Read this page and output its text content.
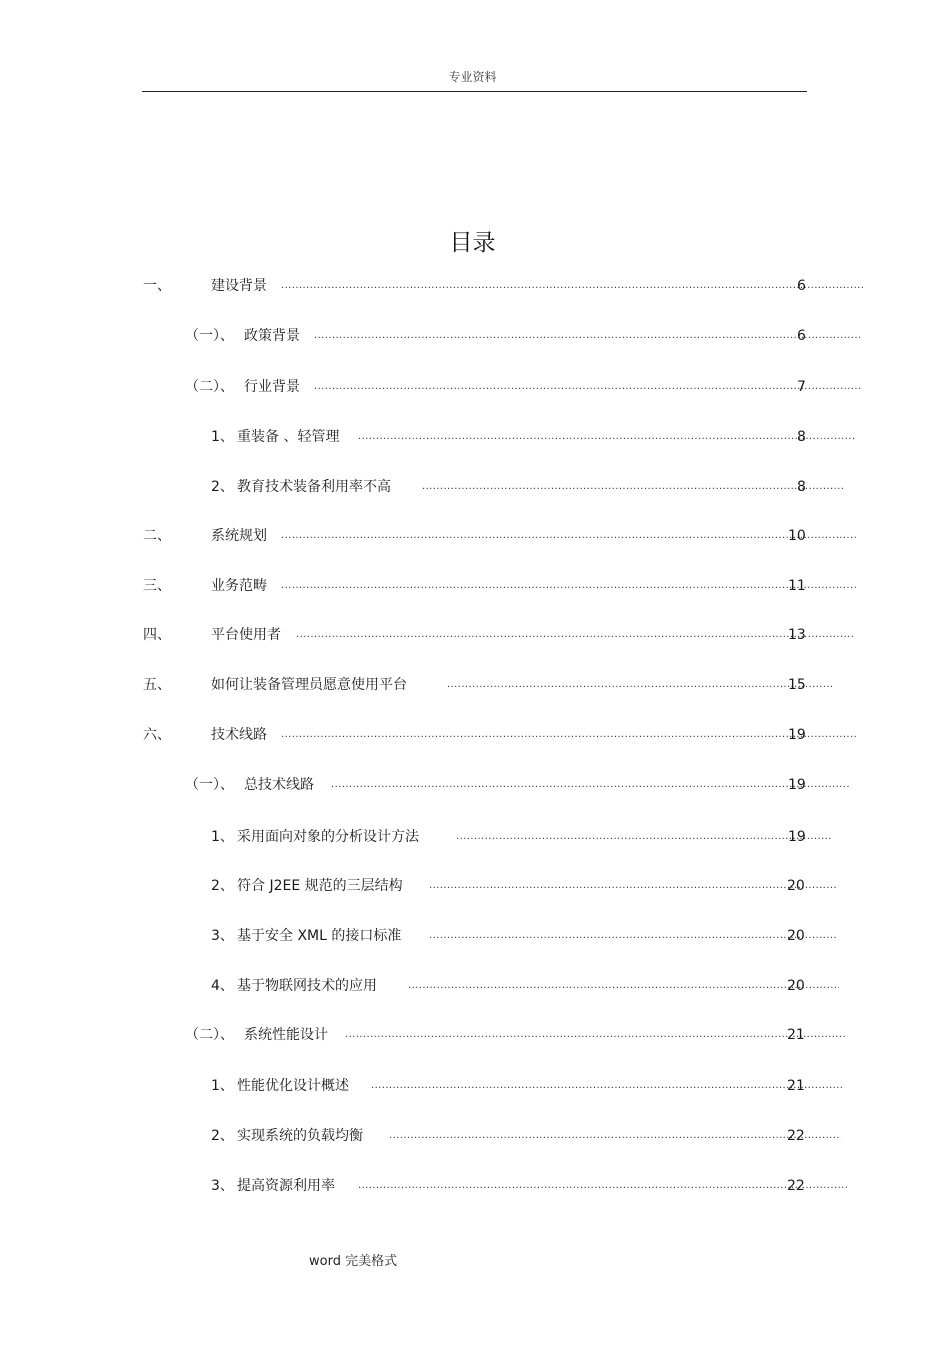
专业资料
目录
一、	建设背景 .....	6
（一）、 政策背景 .....	6
（二）、 行业背景 .....	7
1、 重装备 、轻管理 .....	8
2、 教育技术装备利用率不高 .....	8
二、	系统规划 .....	10
三、	业务范畴 .....	11
四、	平台使用者 .....	13
五、	如何让装备管理员愿意使用平台 .....	15
六、	技术线路 .....	19
（一）、 总技术线路 .....	19
1、 采用面向对象的分析设计方法 .....	19
2、 符合 J2EE 规范的三层结构 .....	20
3、 基于安全 XML 的接口标准 .....	20
4、 基于物联网技术的应用 .....	20
（二）、 系统性能设计 .....	21
1、 性能优化设计概述 .....	21
2、 实现系统的负载均衡 .....	22
3、 提高资源利用率 .....	22
word 完美格式
